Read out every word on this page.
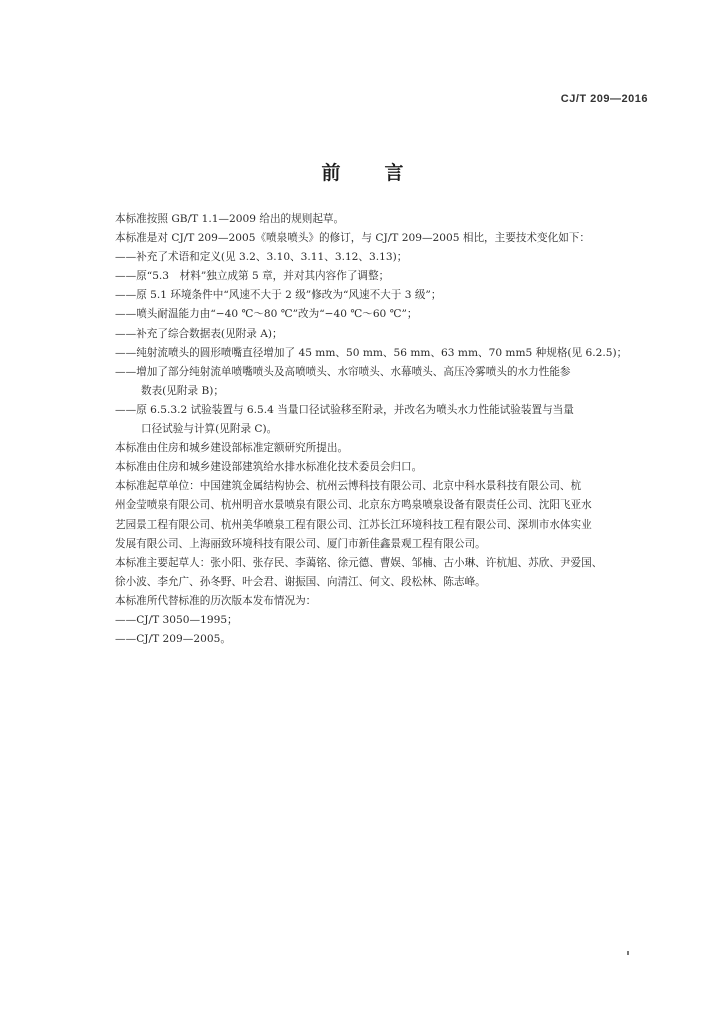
CJ/T 209—2016
前 言
本标准按照 GB/T 1.1—2009 给出的规则起草。
本标准是对 CJ/T 209—2005《喷泉喷头》的修订，与 CJ/T 209—2005 相比，主要技术变化如下：
——补充了术语和定义(见 3.2、3.10、3.11、3.12、3.13)；
——原“5.3　材料”独立成第 5 章，并对其内容作了调整；
——原 5.1 环境条件中“风速不大于 2 级”修改为“风速不大于 3 级”；
——喷头耐温能力由“−40 ℃～80 ℃”改为“−40 ℃～60 ℃”；
——补充了综合数据表(见附录 A)；
——纯射流喷头的圆形喷嘴直径增加了 45 mm、50 mm、56 mm、63 mm、70 mm5 种规格(见 6.2.5)；
——增加了部分纯射流单喷嘴喷头及高喷喷头、水帘喷头、水幕喷头、高压冷雾喷头的水力性能参
数表(见附录 B)；
——原 6.5.3.2 试验装置与 6.5.4 当量口径试验移至附录，并改名为喷头水力性能试验装置与当量
口径试验与计算(见附录 C)。
本标准由住房和城乡建设部标准定额研究所提出。
本标准由住房和城乡建设部建筑给水排水标准化技术委员会归口。
本标准起草单位：中国建筑金属结构协会、杭州云博科技有限公司、北京中科水景科技有限公司、杭
州金莹喷泉有限公司、杭州明音水景喷泉有限公司、北京东方鸣泉喷泉设备有限责任公司、沈阳飞亚水
艺园景工程有限公司、杭州美华喷泉工程有限公司、江苏长江环境科技工程有限公司、深圳市水体实业
发展有限公司、上海丽致环境科技有限公司、厦门市新佳鑫景观工程有限公司。
本标准主要起草人：张小阳、张存民、李蔼铭、徐元德、曹娱、邹楠、古小琳、许杭旭、苏欣、尹爱国、
徐小波、李允广、孙冬野、叶会君、谢振国、向清江、何文、段松林、陈志峰。
本标准所代替标准的历次版本发布情况为：
——CJ/T 3050—1995；
——CJ/T 209—2005。
